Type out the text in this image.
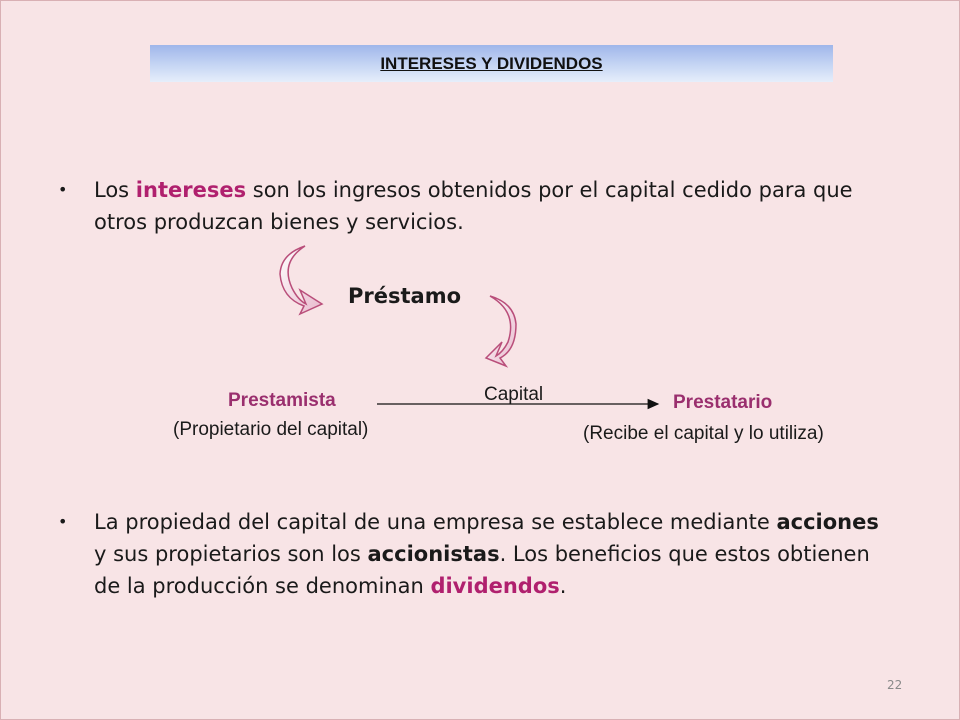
INTERESES Y DIVIDENDOS
• Los intereses son los ingresos obtenidos por el capital cedido para que
otros produzcan bienes y servicios.
Préstamo
Prestamista
(Propietario del capital)
Capital	Prestatario
(Recibe el capital y lo utiliza)
• La propiedad del capital de una empresa se establece mediante acciones
y sus propietarios son los accionistas. Los beneficios que estos obtienen
de la producción se denominan dividendos.
22
